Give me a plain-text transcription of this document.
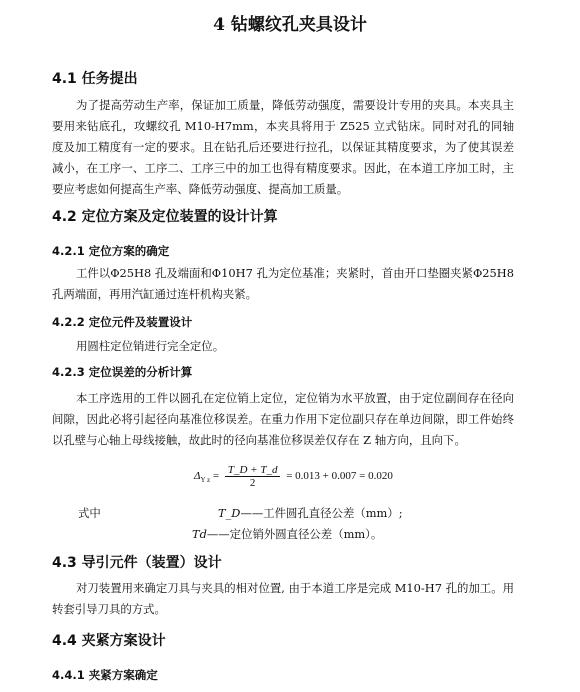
4 钻螺纹孔夹具设计
4.1 任务提出

为了提高劳动生产率，保证加工质量，降低劳动强度，需要设计专用的夹具。本夹具主要用来钻底孔，攻螺纹孔 M10-H7mm，本夹具将用于 Z525 立式钻床。同时对孔的同轴度及加工精度有一定的要求。且在钻孔后还要进行拉孔，以保证其精度要求，为了使其误差减小，在工序一、工序二、工序三中的加工也得有精度要求。因此，在本道工序加工时，主要应考虑如何提高生产率、降低劳动强度、提高加工质量。

4.2 定位方案及定位装置的设计计算
4.2.1 定位方案的确定

工件以Φ25H8 孔及端面和Φ10H7 孔为定位基准；夹紧时，首由开口垫圈夹紧Φ25H8 孔两端面，再用汽缸通过连杆机构夹紧。

4.2.2 定位元件及装置设计

用圆柱定位销进行完全定位。

4.2.3 定位误差的分析计算

本工序选用的工件以圆孔在定位销上定位，定位销为水平放置，由于定位副间存在径向间隙，因此必将引起径向基准位移误差。在重力作用下定位副只存在单边间隙，即工件始终以孔壁与心轴上母线接触，故此时的径向基准位移误差仅存在 Z 轴方向，且向下。

$\Delta_{Y z} = \frac{T\_D + T\_d}{2} = 0.013 + 0.007 = 0.020$
式中	T_D——工件圆孔直径公差（mm）;
Td——定位销外圆直径公差（mm）。
4.3 导引元件（装置）设计

对刀装置用来确定刀具与夹具的相对位置, 由于本道工序是完成 M10-H7 孔的加工。用转套引导刀具的方式。

4.4 夹紧方案设计
4.4.1 夹紧方案确定
